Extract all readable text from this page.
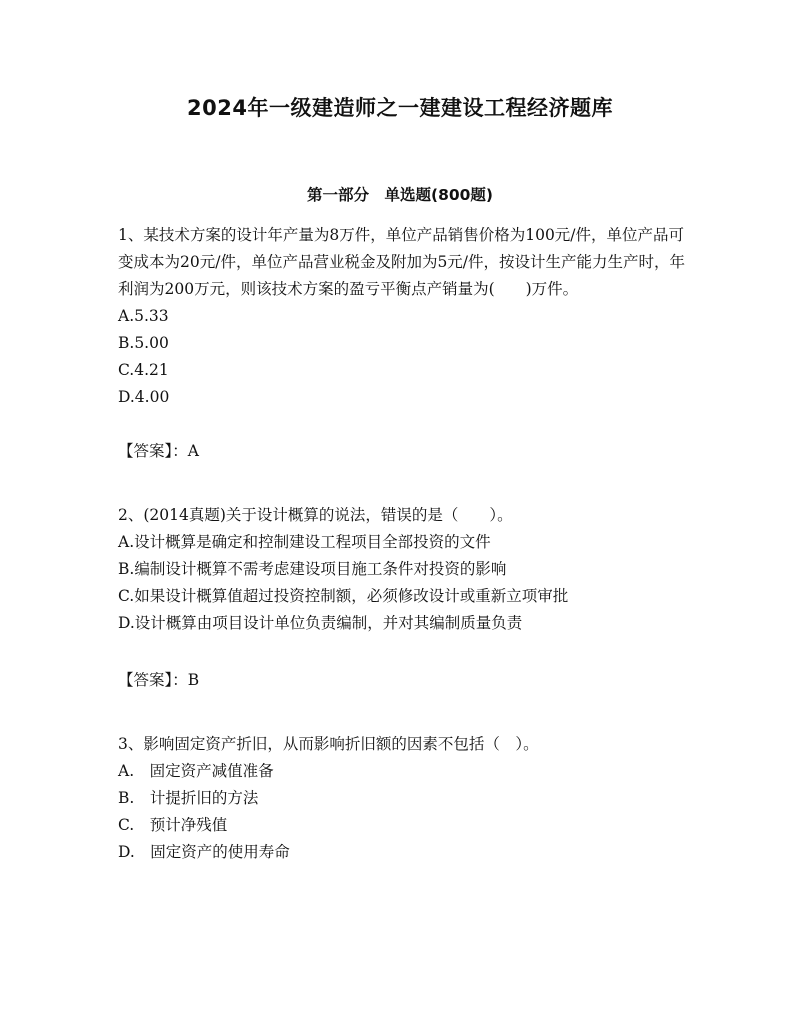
2024年一级建造师之一建建设工程经济题库
第一部分　单选题(800题)

1、某技术方案的设计年产量为8万件，单位产品销售价格为100元/件，单位产品可变成本为20元/件，单位产品营业税金及附加为5元/件，按设计生产能力生产时，年利润为200万元，则该技术方案的盈亏平衡点产销量为(　　)万件。

A.5.33

B.5.00

C.4.21

D.4.00

【答案】：A

2、(2014真题)关于设计概算的说法，错误的是（　　）。

A.设计概算是确定和控制建设工程项目全部投资的文件

B.编制设计概算不需考虑建设项目施工条件对投资的影响

C.如果设计概算值超过投资控制额，必须修改设计或重新立项审批

D.设计概算由项目设计单位负责编制，并对其编制质量负责

【答案】：B

3、影响固定资产折旧，从而影响折旧额的因素不包括（　）。

A.　固定资产减值准备

B.　计提折旧的方法

C.　预计净残值

D.　固定资产的使用寿命
